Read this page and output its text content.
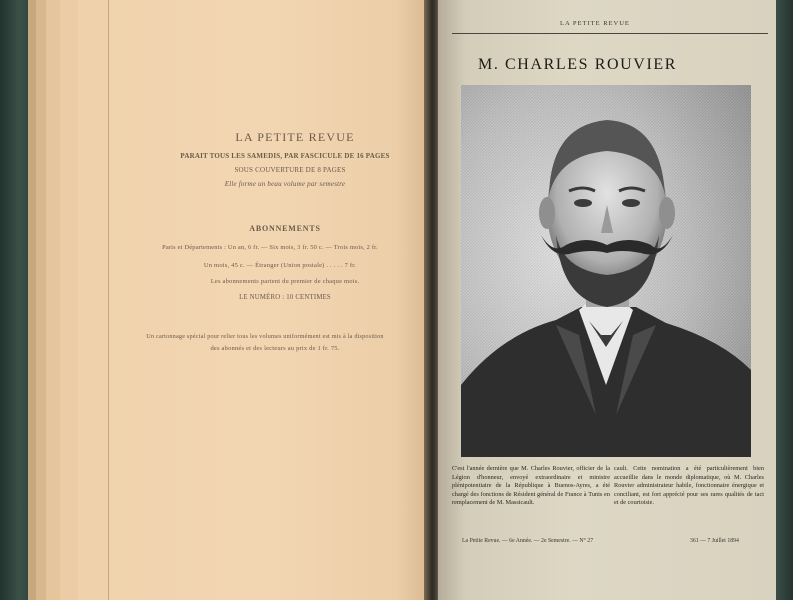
LA PETITE REVUE
PARAIT TOUS LES SAMEDIS, PAR FASCICULE DE 16 PAGES
SOUS COUVERTURE DE 8 PAGES
Elle forme un beau volume par semestre
ABONNEMENTS
Paris et Départements : Un an, 6 fr. — Six mois, 3 fr. 50 c. — Trois mois, 2 fr.
Un mois, 45 c. — Étranger (Union postale) . . . . . 7 fr.
Les abonnements partent du premier de chaque mois.
LE NUMÉRO : 10 CENTIMES
Un cartonnage spécial pour relier tous les volumes uniformément est mis à la disposition
des abonnés et des lecteurs au prix de 1 fr. 75.
LA PETITE REVUE
M. CHARLES ROUVIER
C'est l'année dernière que M. Charles Rouvier, officier de la Légion d'honneur, envoyé extraordinaire et ministre plénipotentiaire de la République à Buenos-Ayres, a été chargé des fonctions de Résident général de France à Tunis en remplacement de M. Massicault.
cault. Cette nomination a été particulièrement bien accueillie dans le monde diplomatique, où M. Charles Rouvier administrateur habile, fonctionnaire énergique et conciliant, est fort apprécié pour ses rares qualités de tact et de courtoisie.
La Petite Revue. — 6e Année. — 2e Semestre. — N° 27	361 — 7 Juillet 1894
